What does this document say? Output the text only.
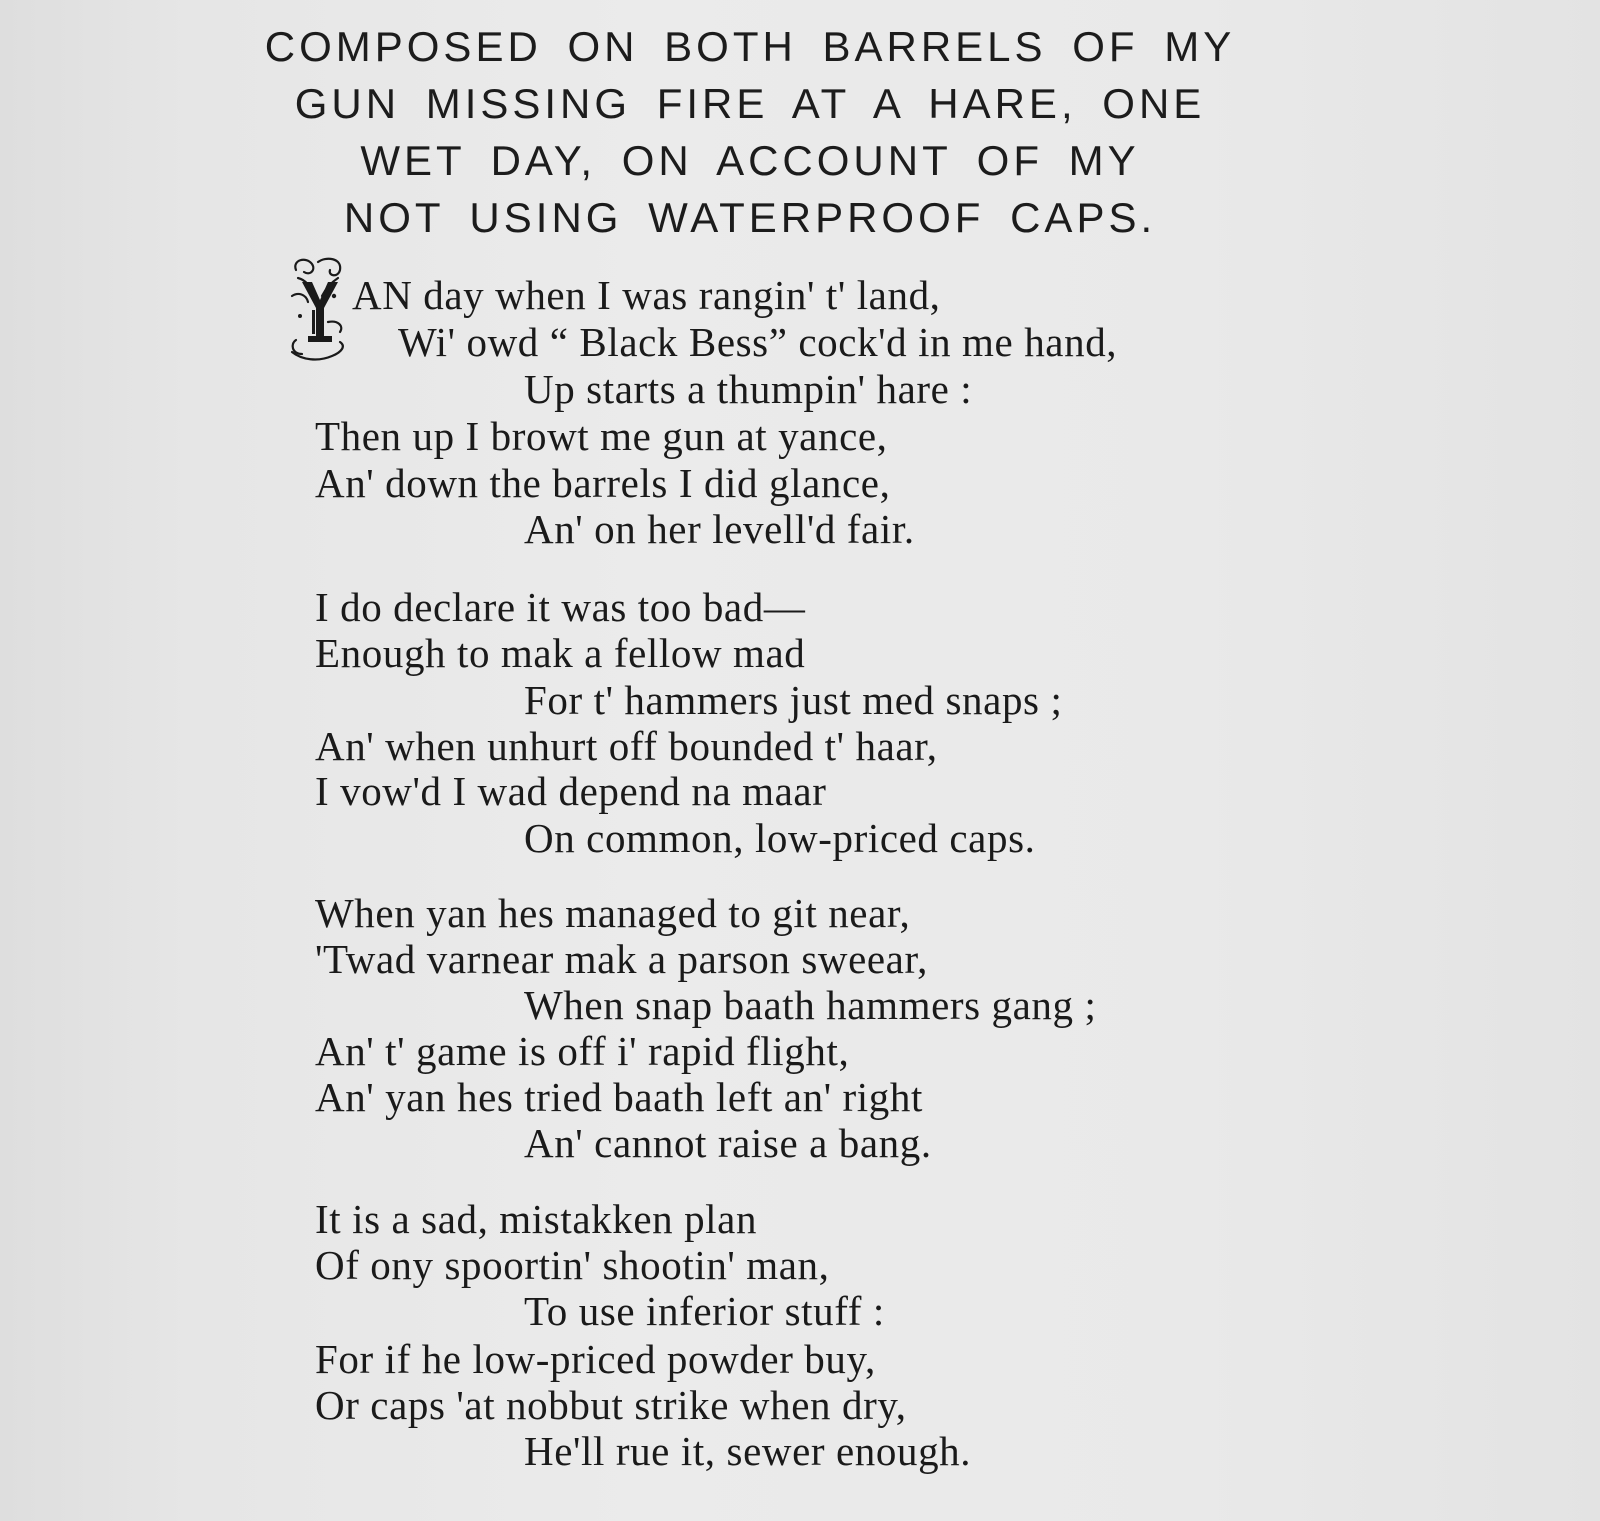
COMPOSED ON BOTH BARRELS OF MY
GUN MISSING FIRE AT A HARE, ONE
WET DAY, ON ACCOUNT OF MY
NOT USING WATERPROOF CAPS.
Y
AN day when I was rangin' t' land,
Wi' owd “ Black Bess” cock'd in me hand,
Up starts a thumpin' hare :
Then up I browt me gun at yance,
An' down the barrels I did glance,
An' on her levell'd fair.
I do declare it was too bad—
Enough to mak a fellow mad
For t' hammers just med snaps ;
An' when unhurt off bounded t' haar,
I vow'd I wad depend na maar
On common, low-priced caps.
When yan hes managed to git near,
'Twad varnear mak a parson sweear,
When snap baath hammers gang ;
An' t' game is off i' rapid flight,
An' yan hes tried baath left an' right
An' cannot raise a bang.
It is a sad, mistakken plan
Of ony spoortin' shootin' man,
To use inferior stuff :
For if he low-priced powder buy,
Or caps 'at nobbut strike when dry,
He'll rue it, sewer enough.
